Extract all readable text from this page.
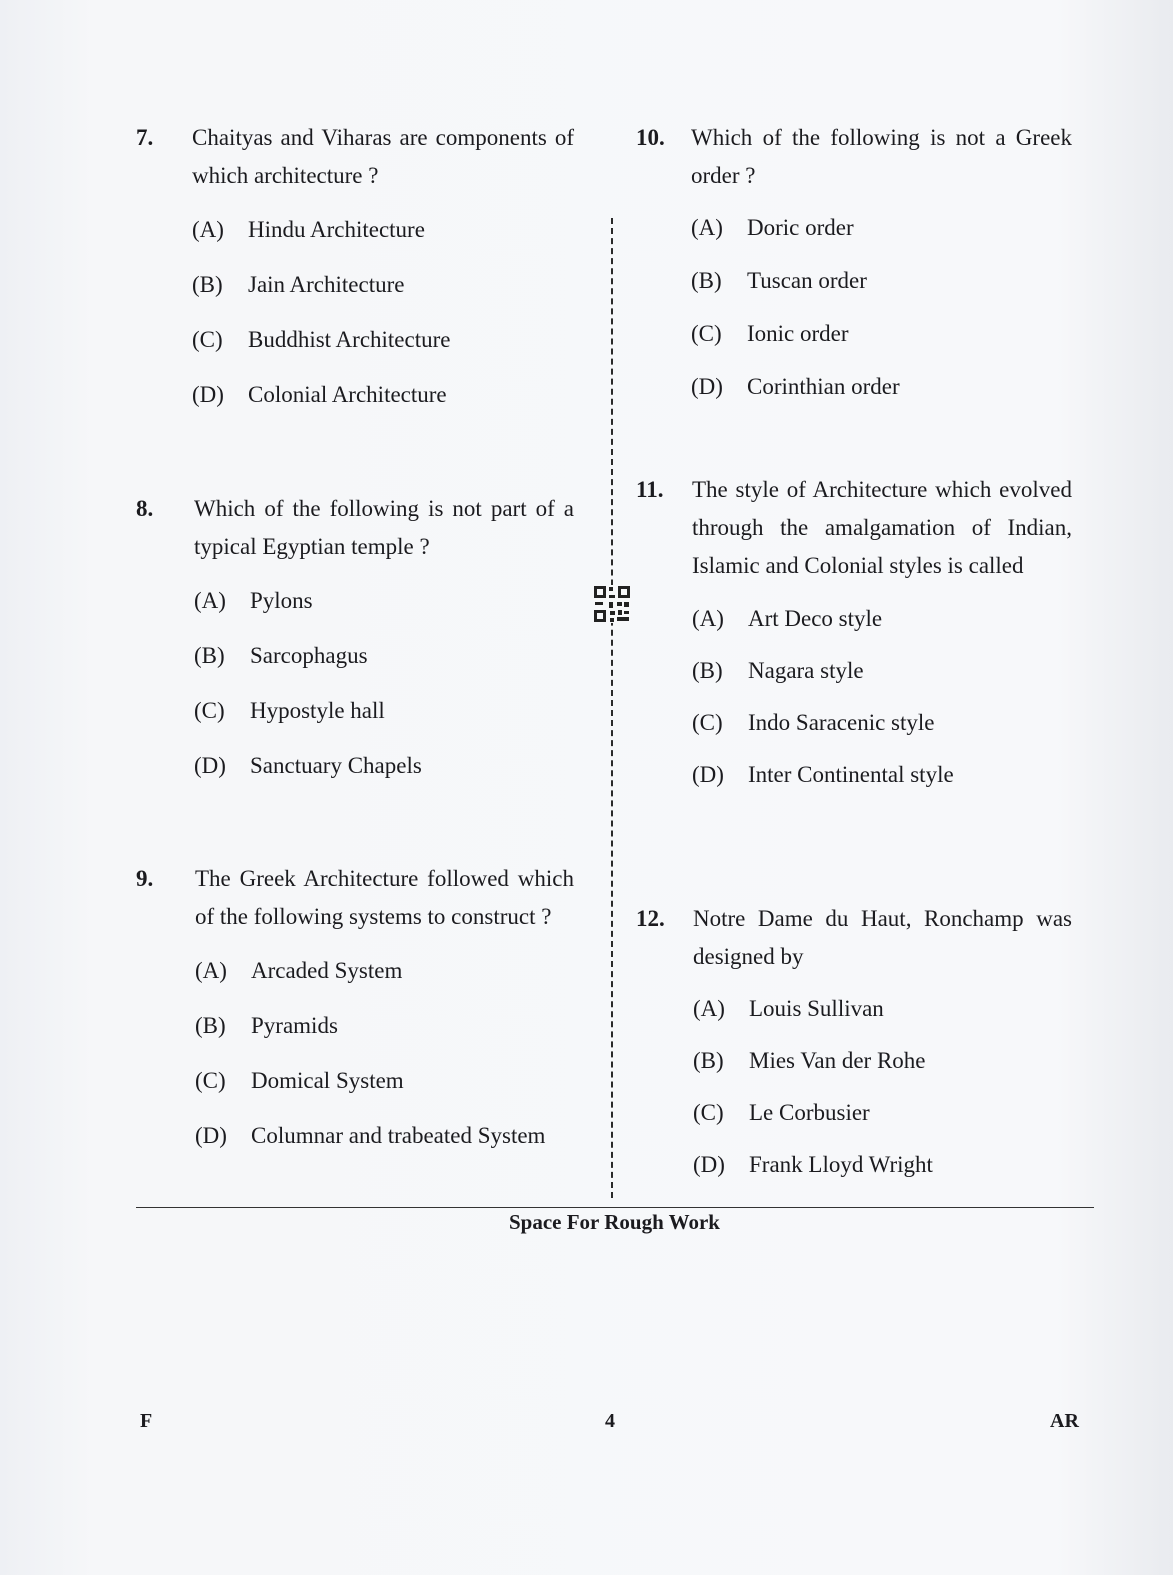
7.	Chaityas and Viharas are components of which architecture ?
(A)	Hindu Architecture
(B)	Jain Architecture
(C)	Buddhist Architecture
(D)	Colonial Architecture
8.	Which of the following is not part of a typical Egyptian temple ?
(A)	Pylons
(B)	Sarcophagus
(C)	Hypostyle hall
(D)	Sanctuary Chapels
9.	The Greek Architecture followed which of the following systems to construct ?
(A)	Arcaded System
(B)	Pyramids
(C)	Domical System
(D)	Columnar and trabeated System
10.	Which of the following is not a Greek order ?
(A)	Doric order
(B)	Tuscan order
(C)	Ionic order
(D)	Corinthian order
11.	The style of Architecture which evolved through the amalgamation of Indian, Islamic and Colonial styles is called
(A)	Art Deco style
(B)	Nagara style
(C)	Indo Saracenic style
(D)	Inter Continental style
12.	Notre Dame du Haut, Ronchamp was designed by
(A)	Louis Sullivan
(B)	Mies Van der Rohe
(C)	Le Corbusier
(D)	Frank Lloyd Wright
Space For Rough Work
F	4	AR
